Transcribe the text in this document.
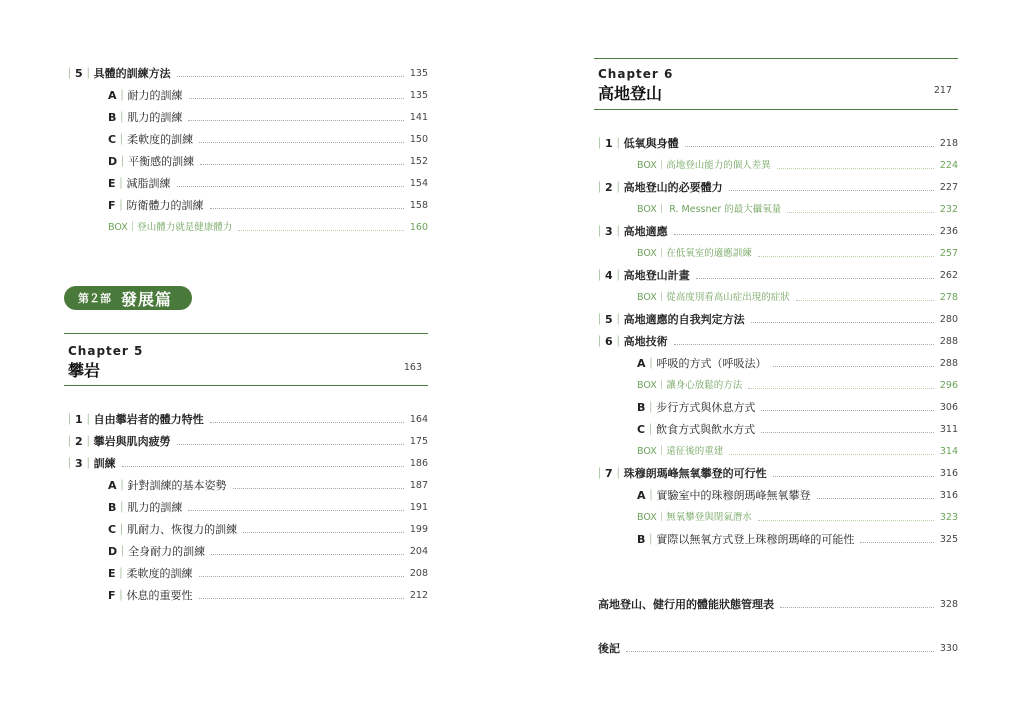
｜5｜ 具體的訓練方法	135
A｜ 耐力的訓練	135
B｜ 肌力的訓練	141
C｜ 柔軟度的訓練	150
D｜ 平衡感的訓練	152
E｜ 減脂訓練	154
F｜ 防衛體力的訓練	158
BOX｜登山體力就是健康體力	160
Chapter 5
攀岩	163
｜1｜ 自由攀岩者的體力特性	164
｜2｜ 攀岩與肌肉疲勞	175
｜3｜ 訓練	186
A｜ 針對訓練的基本姿勢	187
B｜ 肌力的訓練	191
C｜ 肌耐力、恢復力的訓練	199
D｜ 全身耐力的訓練	204
E｜ 柔軟度的訓練	208
F｜ 休息的重要性	212
第２部 發展篇
Chapter 6
高地登山	217
｜1｜ 低氧與身體	218
BOX｜高地登山能力的個人差異	224
｜2｜ 高地登山的必要體力	227
BOX｜ R. Messner 的最大攝氧量	232
｜3｜ 高地適應	236
BOX｜在低氧室的適應訓練	257
｜4｜ 高地登山計畫	262
BOX｜從高度別看高山症出現的症狀	278
｜5｜ 高地適應的自我判定方法	280
｜6｜ 高地技術	288
A｜ 呼吸的方式（呼吸法）	288
BOX｜讓身心放鬆的方法	296
B｜ 步行方式與休息方式	306
C｜ 飲食方式與飲水方式	311
BOX｜遠征後的重建	314
｜7｜ 珠穆朗瑪峰無氧攀登的可行性	316
A｜ 實驗室中的珠穆朗瑪峰無氧攀登	316
BOX｜無氧攀登與閉氣潛水	323
B｜ 實際以無氧方式登上珠穆朗瑪峰的可能性	325
高地登山、健行用的體能狀態管理表	328
後記	330
